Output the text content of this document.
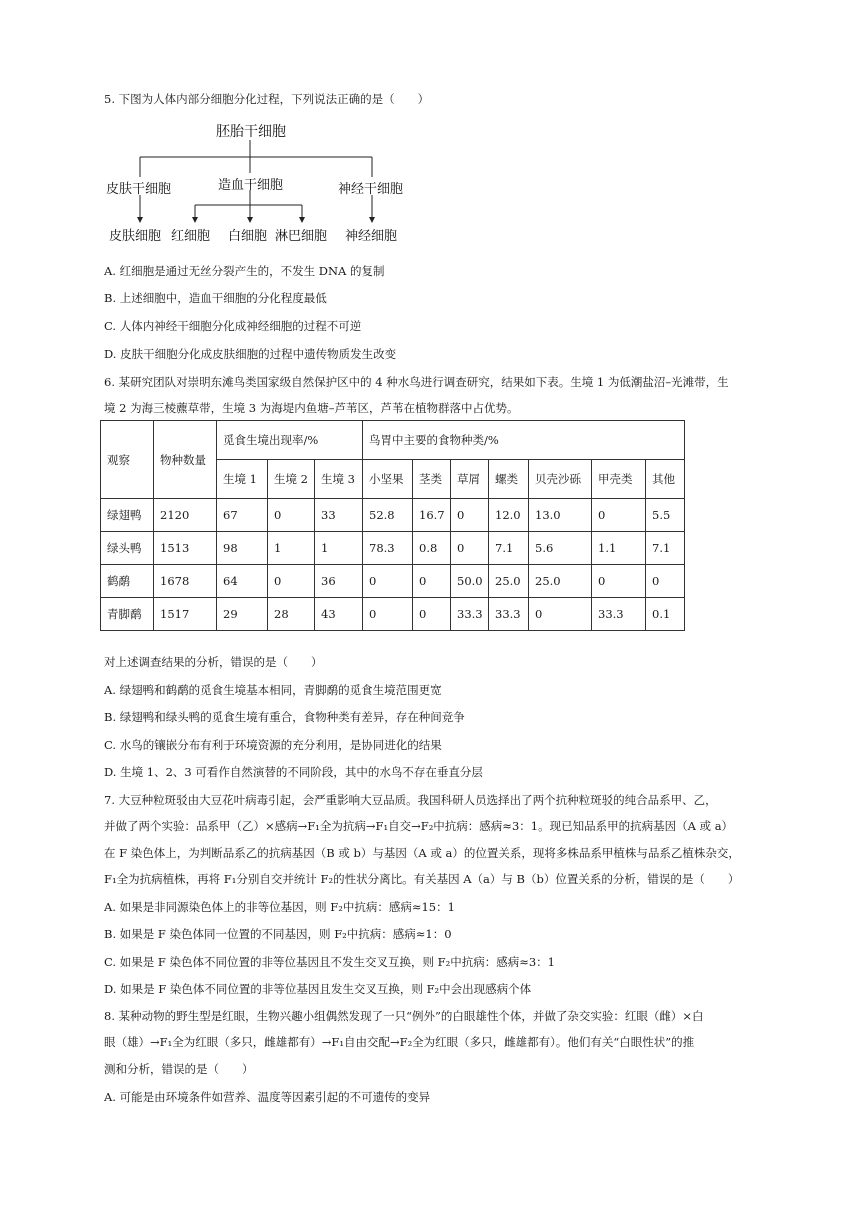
5. 下图为人体内部分细胞分化过程，下列说法正确的是（　　）
胚胎干细胞
皮肤干细胞	造血干细胞	神经干细胞
皮肤细胞 红细胞 白细胞 淋巴细胞 神经细胞
A. 红细胞是通过无丝分裂产生的，不发生 DNA 的复制
B. 上述细胞中，造血干细胞的分化程度最低
C. 人体内神经干细胞分化成神经细胞的过程不可逆
D. 皮肤干细胞分化成皮肤细胞的过程中遗传物质发生改变
6. 某研究团队对崇明东滩鸟类国家级自然保护区中的 4 种水鸟进行调查研究，结果如下表。生境 1 为低潮盐沼–光滩带，生
境 2 为海三棱藨草带，生境 3 为海堤内鱼塘–芦苇区，芦苇在植物群落中占优势。
观察	物种数量	觅食生境出现率/%			鸟胃中主要的食物种类/%						
		生境 1	生境 2	生境 3	小坚果	茎类	草屑	螺类	贝壳沙砾	甲壳类	其他
绿翅鸭	2120	67	0	33	52.8	16.7	0	12.0	13.0	0	5.5
绿头鸭	1513	98	1	1	78.3	0.8	0	7.1	5.6	1.1	7.1
鹤鹬	1678	64	0	36	0	0	50.0	25.0	25.0	0	0
青脚鹬	1517	29	28	43	0	0	33.3	33.3	0	33.3	0.1
对上述调查结果的分析，错误的是（　　）
A. 绿翅鸭和鹤鹬的觅食生境基本相同，青脚鹬的觅食生境范围更宽
B. 绿翅鸭和绿头鸭的觅食生境有重合，食物种类有差异，存在种间竞争
C. 水鸟的镶嵌分布有利于环境资源的充分利用，是协同进化的结果
D. 生境 1、2、3 可看作自然演替的不同阶段，其中的水鸟不存在垂直分层
7. 大豆种粒斑驳由大豆花叶病毒引起，会严重影响大豆品质。我国科研人员选择出了两个抗种粒斑驳的纯合品系甲、乙，
并做了两个实验：品系甲（乙）×感病→F₁全为抗病→F₁自交→F₂中抗病：感病≈3：1。现已知品系甲的抗病基因（A 或 a）
在 F 染色体上，为判断品系乙的抗病基因（B 或 b）与基因（A 或 a）的位置关系，现将多株品系甲植株与品系乙植株杂交，
F₁全为抗病植株，再将 F₁分别自交并统计 F₂的性状分离比。有关基因 A（a）与 B（b）位置关系的分析，错误的是（　　）
A. 如果是非同源染色体上的非等位基因，则 F₂中抗病：感病≈15：1
B. 如果是 F 染色体同一位置的不同基因，则 F₂中抗病：感病≈1：0
C. 如果是 F 染色体不同位置的非等位基因且不发生交叉互换，则 F₂中抗病：感病≈3：1
D. 如果是 F 染色体不同位置的非等位基因且发生交叉互换，则 F₂中会出现感病个体
8. 某种动物的野生型是红眼，生物兴趣小组偶然发现了一只“例外”的白眼雄性个体，并做了杂交实验：红眼（雌）×白
眼（雄）→F₁全为红眼（多只，雌雄都有）→F₁自由交配→F₂全为红眼（多只，雌雄都有）。他们有关“白眼性状”的推
测和分析，错误的是（　　）
A. 可能是由环境条件如营养、温度等因素引起的不可遗传的变异
